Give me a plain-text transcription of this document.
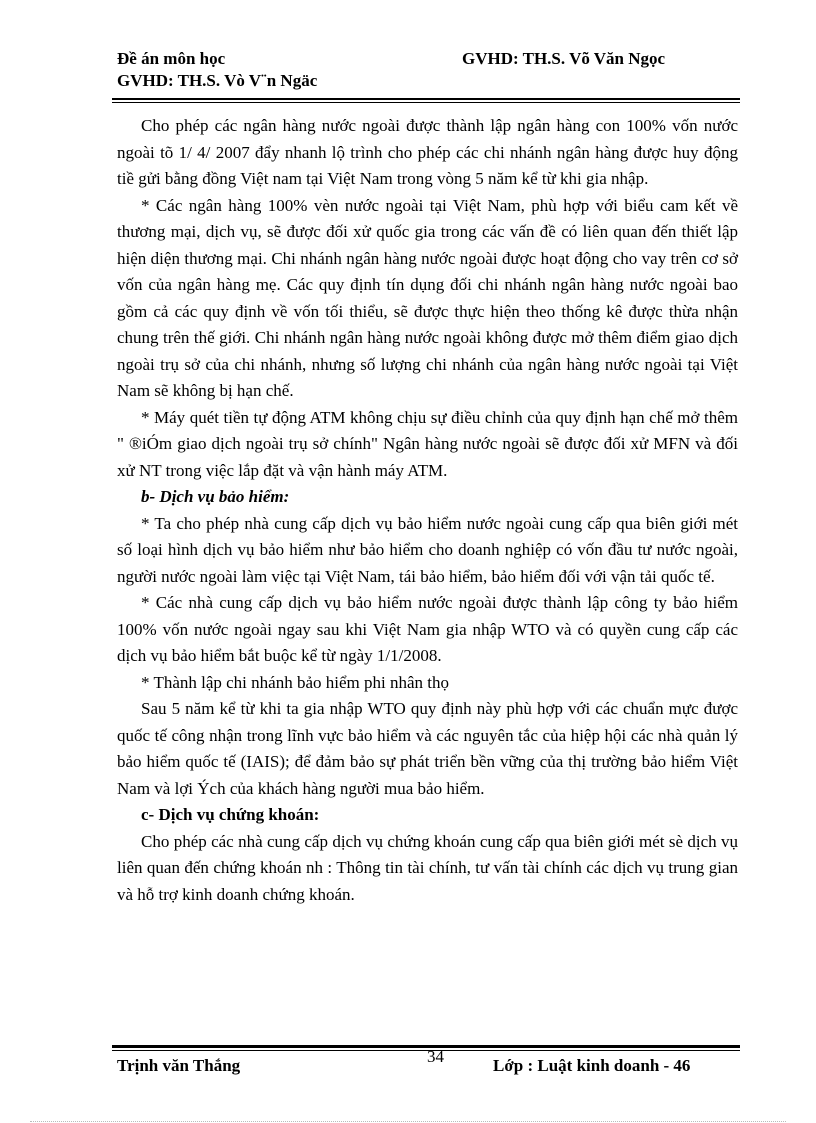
Đề án môn học
GVHD: TH.S. Vò V¨n Ngäc
GVHD: TH.S. Võ Văn Ngọc

Cho phép các ngân hàng nước ngoài được thành lập ngân hàng con 100% vốn nước ngoài tõ 1/ 4/ 2007 đẩy nhanh lộ trình cho phép các chi nhánh ngân hàng được huy động tiề gửi bằng đồng Việt nam tại Việt Nam trong vòng 5 năm kể từ khi gia nhập.

* Các ngân hàng 100% vèn nước ngoài tại Việt Nam, phù hợp với biểu cam kết về thương mại, dịch vụ, sẽ được đối xử quốc gia trong các vấn đề có liên quan đến thiết lập hiện diện thương mại. Chi nhánh ngân hàng nước ngoài được hoạt động cho vay trên cơ sở vốn của ngân hàng mẹ. Các quy định tín dụng đối chi nhánh ngân hàng nước ngoài bao gồm cả các quy định về vốn tối thiểu, sẽ được thực hiện theo thống kê được thừa nhận chung trên thế giới. Chi nhánh ngân hàng nước ngoài không được mở thêm điểm giao dịch ngoài trụ sở của chi nhánh, nhưng số lượng chi nhánh của ngân hàng nước ngoài tại Việt Nam sẽ không bị hạn chế.

* Máy quét tiền tự động ATM không chịu sự điều chỉnh của quy định hạn chế mở thêm " ®iÓm giao dịch ngoài trụ sở chính" Ngân hàng nước ngoài sẽ được đối xử MFN và đối xử NT trong việc lắp đặt và vận hành máy ATM.

b- Dịch vụ bảo hiểm:

* Ta cho phép nhà cung cấp dịch vụ bảo hiểm nước ngoài cung cấp qua biên giới mét số loại hình dịch vụ bảo hiểm như bảo hiểm cho doanh nghiệp có vốn đầu tư nước ngoài, người nước ngoài làm việc tại Việt Nam, tái bảo hiểm, bảo hiểm đối với vận tải quốc tế.

* Các nhà cung cấp dịch vụ bảo hiểm nước ngoài được thành lập công ty bảo hiểm 100% vốn nước ngoài ngay sau khi Việt Nam gia nhập WTO và có quyền cung cấp các dịch vụ bảo hiểm bắt buộc kể từ ngày 1/1/2008.

* Thành lập chi nhánh bảo hiểm phi nhân thọ

Sau 5 năm kể từ khi ta gia nhập WTO quy định này phù hợp với các chuẩn mực được quốc tế công nhận trong lĩnh vực bảo hiểm và các nguyên tắc của hiệp hội các nhà quản lý bảo hiểm quốc tế (IAIS); để đảm bảo sự phát triển bền vững của thị trường bảo hiểm Việt Nam và lợi Ých của khách hàng người mua bảo hiểm.

c- Dịch vụ chứng khoán:

Cho phép các nhà cung cấp dịch vụ chứng khoán cung cấp qua biên giới mét sè dịch vụ liên quan đến chứng khoán nh : Thông tin tài chính, tư vấn tài chính các dịch vụ trung gian và hỗ trợ kinh doanh chứng khoán.

Trịnh văn Thắng	34	Lớp : Luật kinh doanh - 46
